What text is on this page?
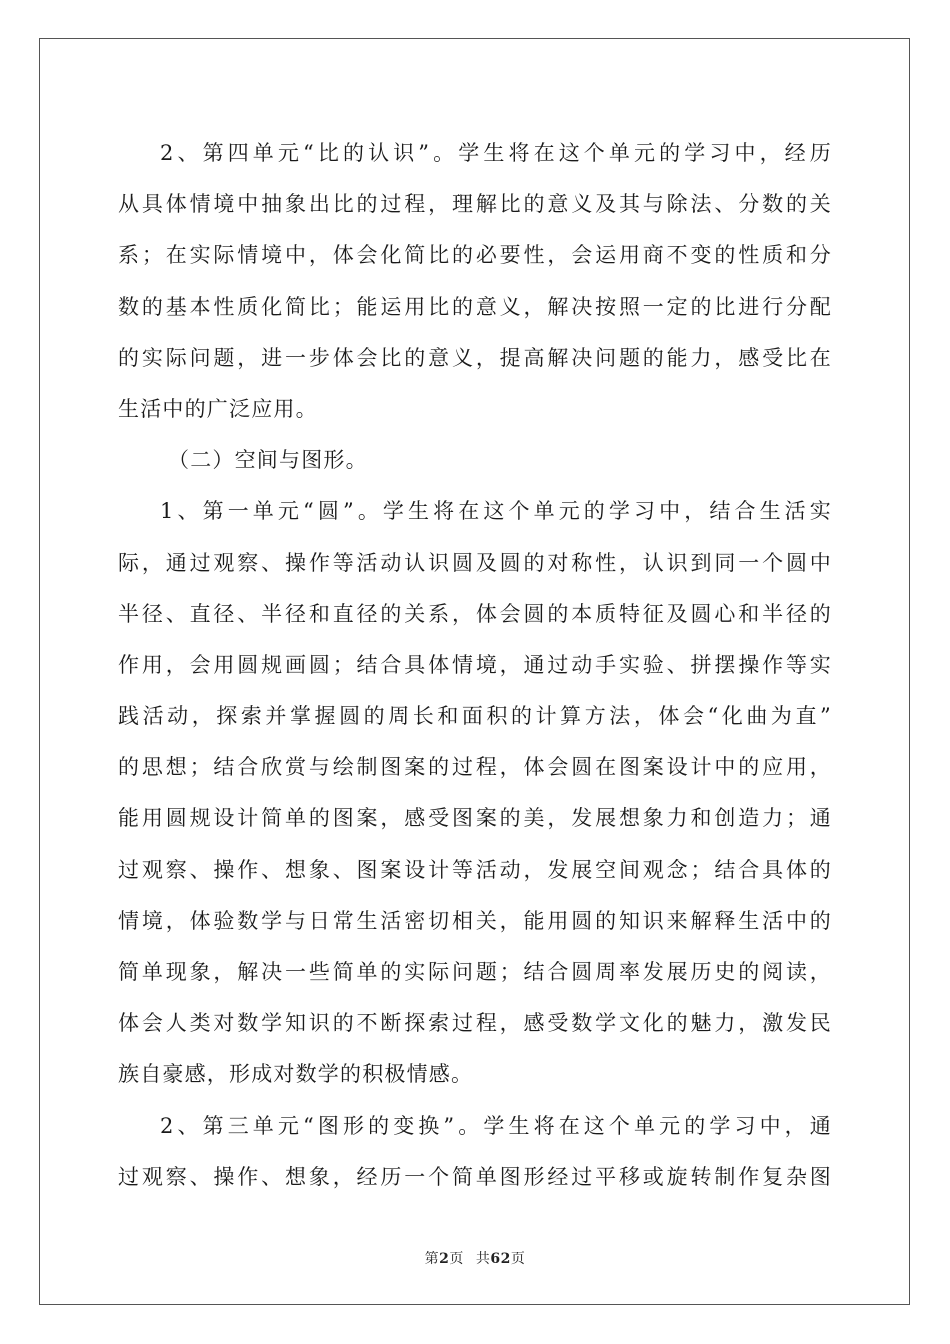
2、第四单元“比的认识”。学生将在这个单元的学习中，经历
从具体情境中抽象出比的过程，理解比的意义及其与除法、分数的关
系；在实际情境中，体会化简比的必要性，会运用商不变的性质和分
数的基本性质化简比；能运用比的意义，解决按照一定的比进行分配
的实际问题，进一步体会比的意义，提高解决问题的能力，感受比在
生活中的广泛应用。
（二）空间与图形。
1、第一单元“圆”。学生将在这个单元的学习中，结合生活实
际，通过观察、操作等活动认识圆及圆的对称性，认识到同一个圆中
半径、直径、半径和直径的关系，体会圆的本质特征及圆心和半径的
作用，会用圆规画圆；结合具体情境，通过动手实验、拼摆操作等实
践活动，探索并掌握圆的周长和面积的计算方法，体会“化曲为直”
的思想；结合欣赏与绘制图案的过程，体会圆在图案设计中的应用，
能用圆规设计简单的图案，感受图案的美，发展想象力和创造力；通
过观察、操作、想象、图案设计等活动，发展空间观念；结合具体的
情境，体验数学与日常生活密切相关，能用圆的知识来解释生活中的
简单现象，解决一些简单的实际问题；结合圆周率发展历史的阅读，
体会人类对数学知识的不断探索过程，感受数学文化的魅力，激发民
族自豪感，形成对数学的积极情感。
2、第三单元“图形的变换”。学生将在这个单元的学习中，通
过观察、操作、想象，经历一个简单图形经过平移或旋转制作复杂图
第2页 共62页
